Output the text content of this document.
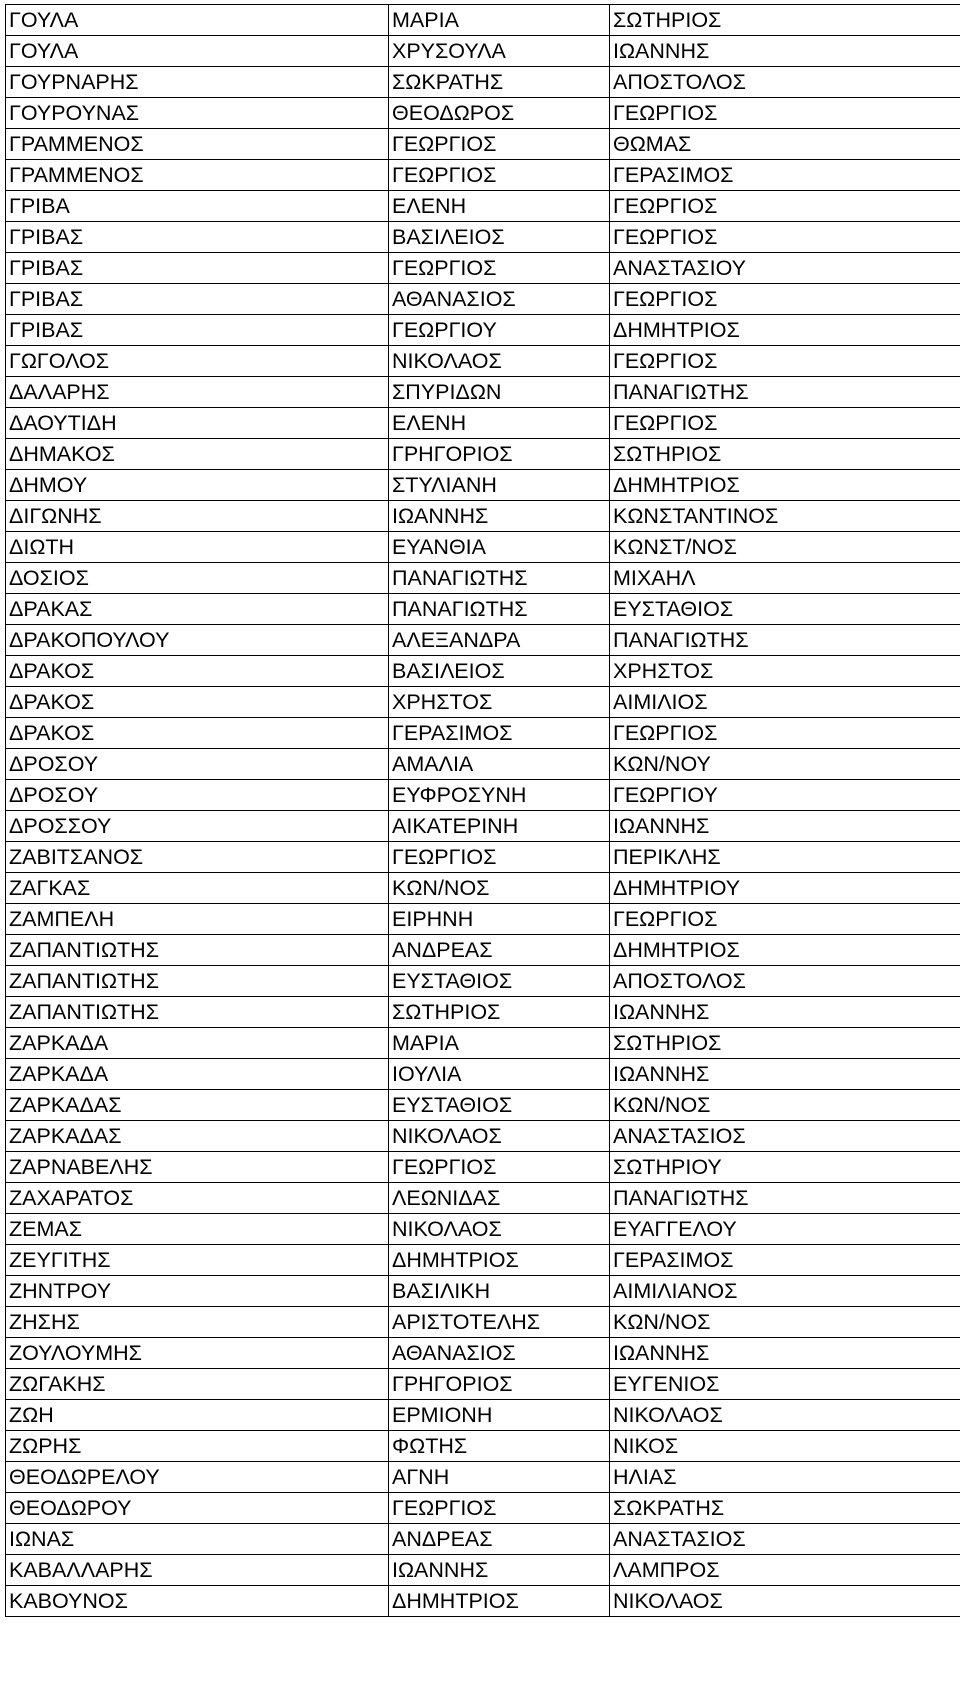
ΓΟΥΛΑ	ΜΑΡΙΑ	ΣΩΤΗΡΙΟΣ
ΓΟΥΛΑ	ΧΡΥΣΟΥΛΑ	ΙΩΑΝΝΗΣ
ΓΟΥΡΝΑΡΗΣ	ΣΩΚΡΑΤΗΣ	ΑΠΟΣΤΟΛΟΣ
ΓΟΥΡΟΥΝΑΣ	ΘΕΟΔΩΡΟΣ	ΓΕΩΡΓΙΟΣ
ΓΡΑΜΜΕΝΟΣ	ΓΕΩΡΓΙΟΣ	ΘΩΜΑΣ
ΓΡΑΜΜΕΝΟΣ	ΓΕΩΡΓΙΟΣ	ΓΕΡΑΣΙΜΟΣ
ΓΡΙΒΑ	ΕΛΕΝΗ	ΓΕΩΡΓΙΟΣ
ΓΡΙΒΑΣ	ΒΑΣΙΛΕΙΟΣ	ΓΕΩΡΓΙΟΣ
ΓΡΙΒΑΣ	ΓΕΩΡΓΙΟΣ	ΑΝΑΣΤΑΣΙΟΥ
ΓΡΙΒΑΣ	ΑΘΑΝΑΣΙΟΣ	ΓΕΩΡΓΙΟΣ
ΓΡΙΒΑΣ	ΓΕΩΡΓΙΟΥ	ΔΗΜΗΤΡΙΟΣ
ΓΩΓΟΛΟΣ	ΝΙΚΟΛΑΟΣ	ΓΕΩΡΓΙΟΣ
ΔΑΛΑΡΗΣ	ΣΠΥΡΙΔΩΝ	ΠΑΝΑΓΙΩΤΗΣ
ΔΑΟΥΤΙΔΗ	ΕΛΕΝΗ	ΓΕΩΡΓΙΟΣ
ΔΗΜΑΚΟΣ	ΓΡΗΓΟΡΙΟΣ	ΣΩΤΗΡΙΟΣ
ΔΗΜΟΥ	ΣΤΥΛΙΑΝΗ	ΔΗΜΗΤΡΙΟΣ
ΔΙΓΩΝΗΣ	ΙΩΑΝΝΗΣ	ΚΩΝΣΤΑΝΤΙΝΟΣ
ΔΙΩΤΗ	ΕΥΑΝΘΙΑ	ΚΩΝΣΤ/ΝΟΣ
ΔΟΣΙΟΣ	ΠΑΝΑΓΙΩΤΗΣ	ΜΙΧΑΗΛ
ΔΡΑΚΑΣ	ΠΑΝΑΓΙΩΤΗΣ	ΕΥΣΤΑΘΙΟΣ
ΔΡΑΚΟΠΟΥΛΟΥ	ΑΛΕΞΑΝΔΡΑ	ΠΑΝΑΓΙΩΤΗΣ
ΔΡΑΚΟΣ	ΒΑΣΙΛΕΙΟΣ	ΧΡΗΣΤΟΣ
ΔΡΑΚΟΣ	ΧΡΗΣΤΟΣ	ΑΙΜΙΛΙΟΣ
ΔΡΑΚΟΣ	ΓΕΡΑΣΙΜΟΣ	ΓΕΩΡΓΙΟΣ
ΔΡΟΣΟΥ	ΑΜΑΛΙΑ	ΚΩΝ/ΝΟΥ
ΔΡΟΣΟΥ	ΕΥΦΡΟΣΥΝΗ	ΓΕΩΡΓΙΟΥ
ΔΡΟΣΣΟΥ	ΑΙΚΑΤΕΡΙΝΗ	ΙΩΑΝΝΗΣ
ΖΑΒΙΤΣΑΝΟΣ	ΓΕΩΡΓΙΟΣ	ΠΕΡΙΚΛΗΣ
ΖΑΓΚΑΣ	ΚΩΝ/ΝΟΣ	ΔΗΜΗΤΡΙΟΥ
ΖΑΜΠΕΛΗ	ΕΙΡΗΝΗ	ΓΕΩΡΓΙΟΣ
ΖΑΠΑΝΤΙΩΤΗΣ	ΑΝΔΡΕΑΣ	ΔΗΜΗΤΡΙΟΣ
ΖΑΠΑΝΤΙΩΤΗΣ	ΕΥΣΤΑΘΙΟΣ	ΑΠΟΣΤΟΛΟΣ
ΖΑΠΑΝΤΙΩΤΗΣ	ΣΩΤΗΡΙΟΣ	ΙΩΑΝΝΗΣ
ΖΑΡΚΑΔΑ	ΜΑΡΙΑ	ΣΩΤΗΡΙΟΣ
ΖΑΡΚΑΔΑ	ΙΟΥΛΙΑ	ΙΩΑΝΝΗΣ
ΖΑΡΚΑΔΑΣ	ΕΥΣΤΑΘΙΟΣ	ΚΩΝ/ΝΟΣ
ΖΑΡΚΑΔΑΣ	ΝΙΚΟΛΑΟΣ	ΑΝΑΣΤΑΣΙΟΣ
ΖΑΡΝΑΒΕΛΗΣ	ΓΕΩΡΓΙΟΣ	ΣΩΤΗΡΙΟΥ
ΖΑΧΑΡΑΤΟΣ	ΛΕΩΝΙΔΑΣ	ΠΑΝΑΓΙΩΤΗΣ
ΖΕΜΑΣ	ΝΙΚΟΛΑΟΣ	ΕΥΑΓΓΕΛΟΥ
ΖΕΥΓΙΤΗΣ	ΔΗΜΗΤΡΙΟΣ	ΓΕΡΑΣΙΜΟΣ
ΖΗΝΤΡΟΥ	ΒΑΣΙΛΙΚΗ	ΑΙΜΙΛΙΑΝΟΣ
ΖΗΣΗΣ	ΑΡΙΣΤΟΤΕΛΗΣ	ΚΩΝ/ΝΟΣ
ΖΟΥΛΟΥΜΗΣ	ΑΘΑΝΑΣΙΟΣ	ΙΩΑΝΝΗΣ
ΖΩΓΑΚΗΣ	ΓΡΗΓΟΡΙΟΣ	ΕΥΓΕΝΙΟΣ
ΖΩΗ	ΕΡΜΙΟΝΗ	ΝΙΚΟΛΑΟΣ
ΖΩΡΗΣ	ΦΩΤΗΣ	ΝΙΚΟΣ
ΘΕΟΔΩΡΕΛΟΥ	ΑΓΝΗ	ΗΛΙΑΣ
ΘΕΟΔΩΡΟΥ	ΓΕΩΡΓΙΟΣ	ΣΩΚΡΑΤΗΣ
ΙΩΝΑΣ	ΑΝΔΡΕΑΣ	ΑΝΑΣΤΑΣΙΟΣ
ΚΑΒΑΛΛΑΡΗΣ	ΙΩΑΝΝΗΣ	ΛΑΜΠΡΟΣ
ΚΑΒΟΥΝΟΣ	ΔΗΜΗΤΡΙΟΣ	ΝΙΚΟΛΑΟΣ
